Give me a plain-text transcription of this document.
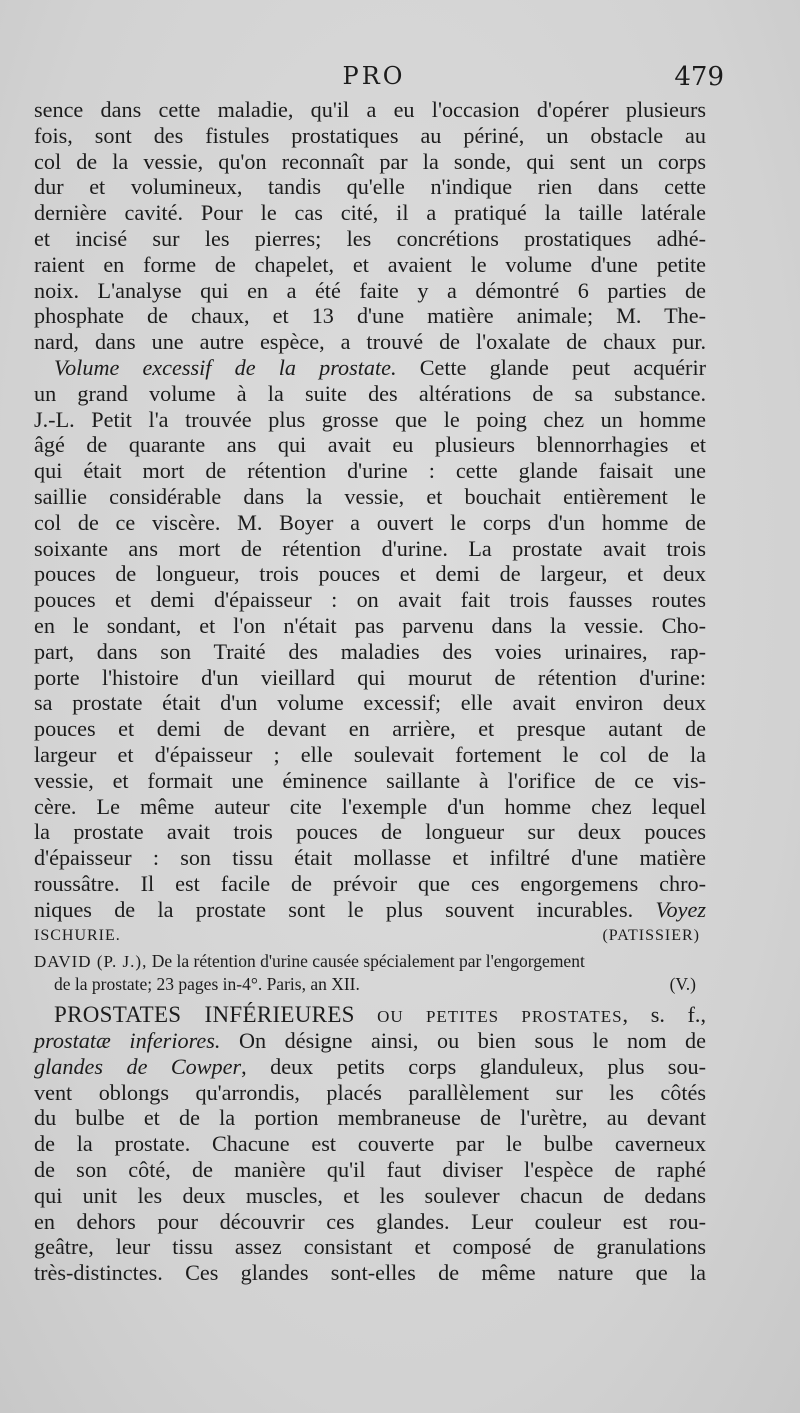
PRO	479
sence dans cette maladie, qu'il a eu l'occasion d'opérer plusieurs
fois, sont des fistules prostatiques au périné, un obstacle au
col de la vessie, qu'on reconnaît par la sonde, qui sent un corps
dur et volumineux, tandis qu'elle n'indique rien dans cette
dernière cavité. Pour le cas cité, il a pratiqué la taille latérale
et incisé sur les pierres; les concrétions prostatiques adhé-
raient en forme de chapelet, et avaient le volume d'une petite
noix. L'analyse qui en a été faite y a démontré 6 parties de
phosphate de chaux, et 13 d'une matière animale; M. The-
nard, dans une autre espèce, a trouvé de l'oxalate de chaux pur.
Volume excessif de la prostate. Cette glande peut acquérir
un grand volume à la suite des altérations de sa substance.
J.-L. Petit l'a trouvée plus grosse que le poing chez un homme
âgé de quarante ans qui avait eu plusieurs blennorrhagies et
qui était mort de rétention d'urine : cette glande faisait une
saillie considérable dans la vessie, et bouchait entièrement le
col de ce viscère. M. Boyer a ouvert le corps d'un homme de
soixante ans mort de rétention d'urine. La prostate avait trois
pouces de longueur, trois pouces et demi de largeur, et deux
pouces et demi d'épaisseur : on avait fait trois fausses routes
en le sondant, et l'on n'était pas parvenu dans la vessie. Cho-
part, dans son Traité des maladies des voies urinaires, rap-
porte l'histoire d'un vieillard qui mourut de rétention d'urine:
sa prostate était d'un volume excessif; elle avait environ deux
pouces et demi de devant en arrière, et presque autant de
largeur et d'épaisseur ; elle soulevait fortement le col de la
vessie, et formait une éminence saillante à l'orifice de ce vis-
cère. Le même auteur cite l'exemple d'un homme chez lequel
la prostate avait trois pouces de longueur sur deux pouces
d'épaisseur : son tissu était mollasse et infiltré d'une matière
roussâtre. Il est facile de prévoir que ces engorgemens chro-
niques de la prostate sont le plus souvent incurables. Voyez
ISCHURIE.	(PATISSIER)
DAVID (P. J.), De la rétention d'urine causée spécialement par l'engorgement
de la prostate; 23 pages in-4°. Paris, an XII.	(V.)
PROSTATES INFÉRIEURES OU PETITES PROSTATES, s. f.,
prostatæ inferiores. On désigne ainsi, ou bien sous le nom de
glandes de Cowper, deux petits corps glanduleux, plus sou-
vent oblongs qu'arrondis, placés parallèlement sur les côtés
du bulbe et de la portion membraneuse de l'urètre, au devant
de la prostate. Chacune est couverte par le bulbe caverneux
de son côté, de manière qu'il faut diviser l'espèce de raphé
qui unit les deux muscles, et les soulever chacun de dedans
en dehors pour découvrir ces glandes. Leur couleur est rou-
geâtre, leur tissu assez consistant et composé de granulations
très-distinctes. Ces glandes sont-elles de même nature que la
